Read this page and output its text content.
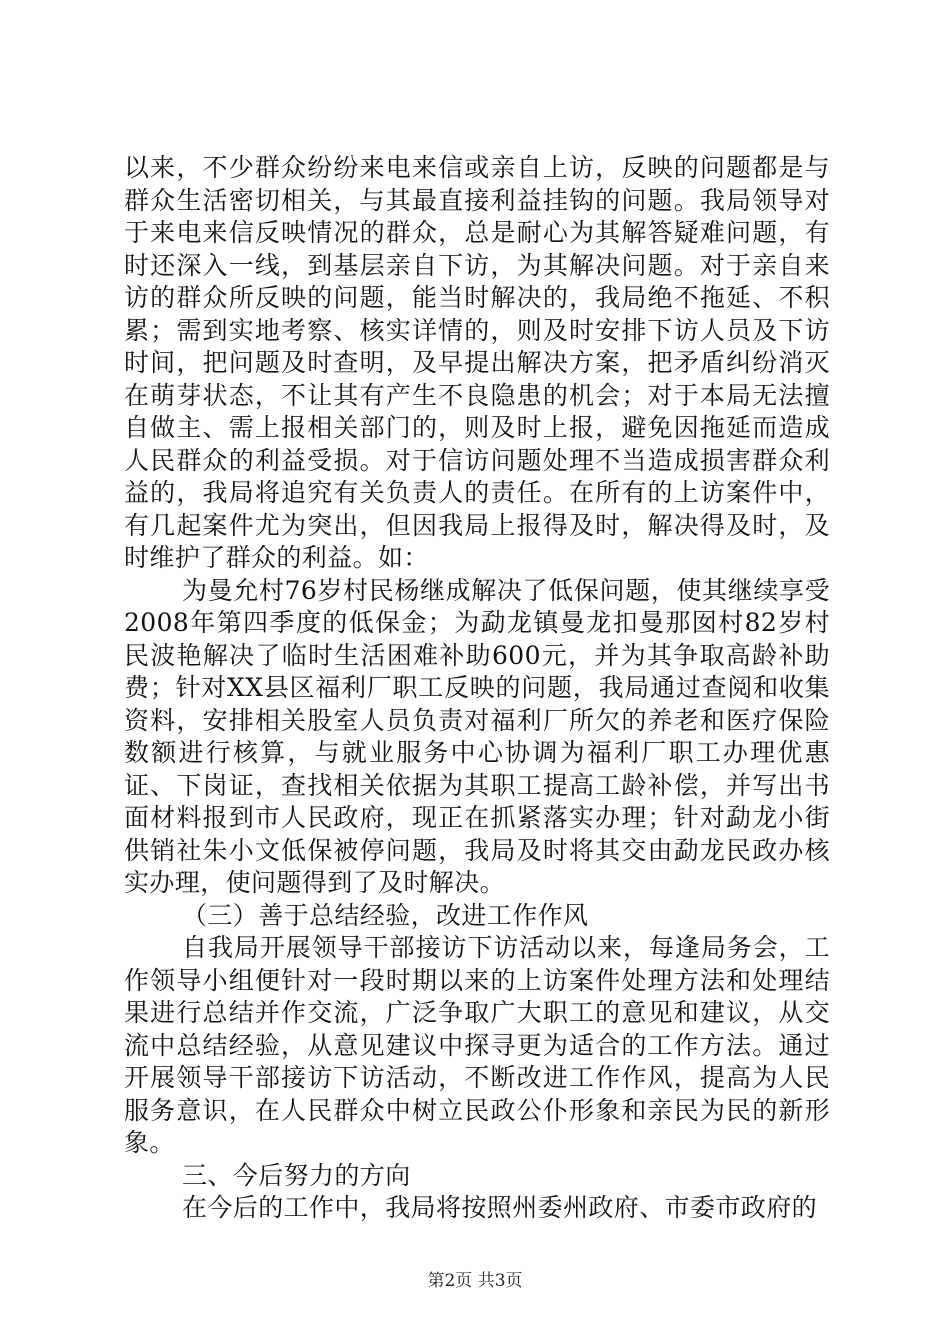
以来，不少群众纷纷来电来信或亲自上访，反映的问题都是与群众生活密切相关，与其最直接利益挂钩的问题。我局领导对于来电来信反映情况的群众，总是耐心为其解答疑难问题，有时还深入一线，到基层亲自下访，为其解决问题。对于亲自来访的群众所反映的问题，能当时解决的，我局绝不拖延、不积累；需到实地考察、核实详情的，则及时安排下访人员及下访时间，把问题及时查明，及早提出解决方案，把矛盾纠纷消灭在萌芽状态，不让其有产生不良隐患的机会；对于本局无法擅自做主、需上报相关部门的，则及时上报，避免因拖延而造成人民群众的利益受损。对于信访问题处理不当造成损害群众利益的，我局将追究有关负责人的责任。在所有的上访案件中，有几起案件尤为突出，但因我局上报得及时，解决得及时，及时维护了群众的利益。如：

为曼允村76岁村民杨继成解决了低保问题，使其继续享受2008年第四季度的低保金；为勐龙镇曼龙扣曼那囡村82岁村民波艳解决了临时生活困难补助600元，并为其争取高龄补助费；针对XX县区福利厂职工反映的问题，我局通过查阅和收集资料，安排相关股室人员负责对福利厂所欠的养老和医疗保险数额进行核算，与就业服务中心协调为福利厂职工办理优惠证、下岗证，查找相关依据为其职工提高工龄补偿，并写出书面材料报到市人民政府，现正在抓紧落实办理；针对勐龙小街供销社朱小文低保被停问题，我局及时将其交由勐龙民政办核实办理，使问题得到了及时解决。

（三）善于总结经验，改进工作作风

自我局开展领导干部接访下访活动以来，每逢局务会，工作领导小组便针对一段时期以来的上访案件处理方法和处理结果进行总结并作交流，广泛争取广大职工的意见和建议，从交流中总结经验，从意见建议中探寻更为适合的工作方法。通过开展领导干部接访下访活动，不断改进工作作风，提高为人民服务意识，在人民群众中树立民政公仆形象和亲民为民的新形象。

三、今后努力的方向

在今后的工作中，我局将按照州委州政府、市委市政府的

第2页 共3页
